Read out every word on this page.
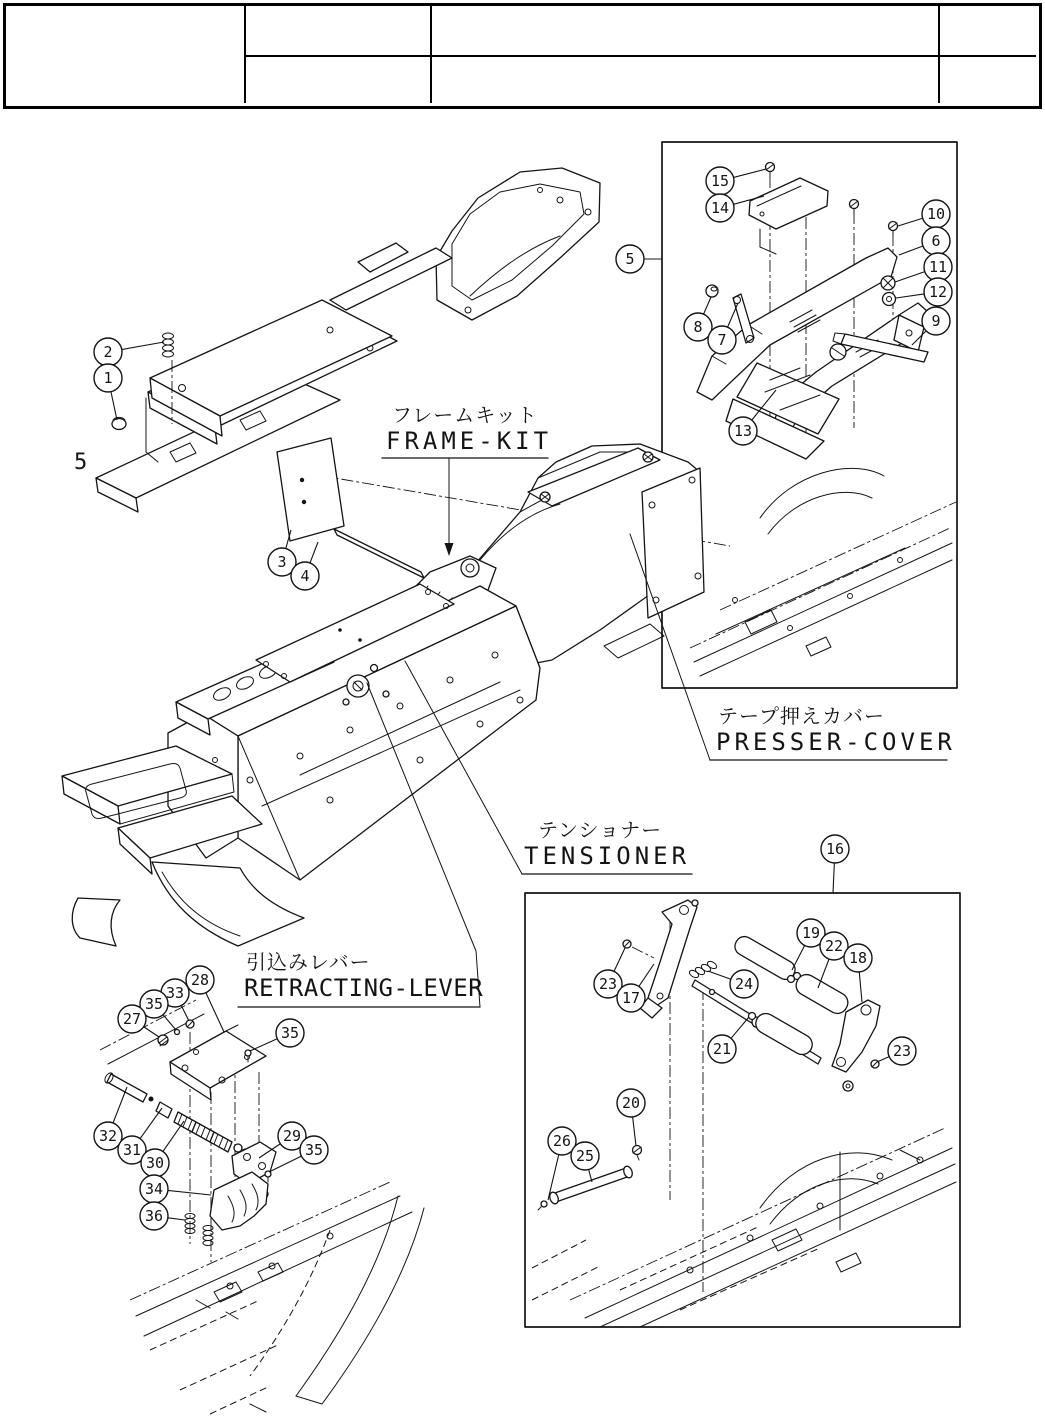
2
1
3
4
5
15
14	10
6
11
12
9
8
7
13
16
19
22
18
23
17
24
21	23
20
26
25
28
33
35
27
35
32
31
30
29
35
34
36
フレームキット
FRAME-KIT
テープ押えカバー
PRESSER-COVER
テンショナー
TENSIONER
引込みレバー
RETRACTING-LEVER
5
